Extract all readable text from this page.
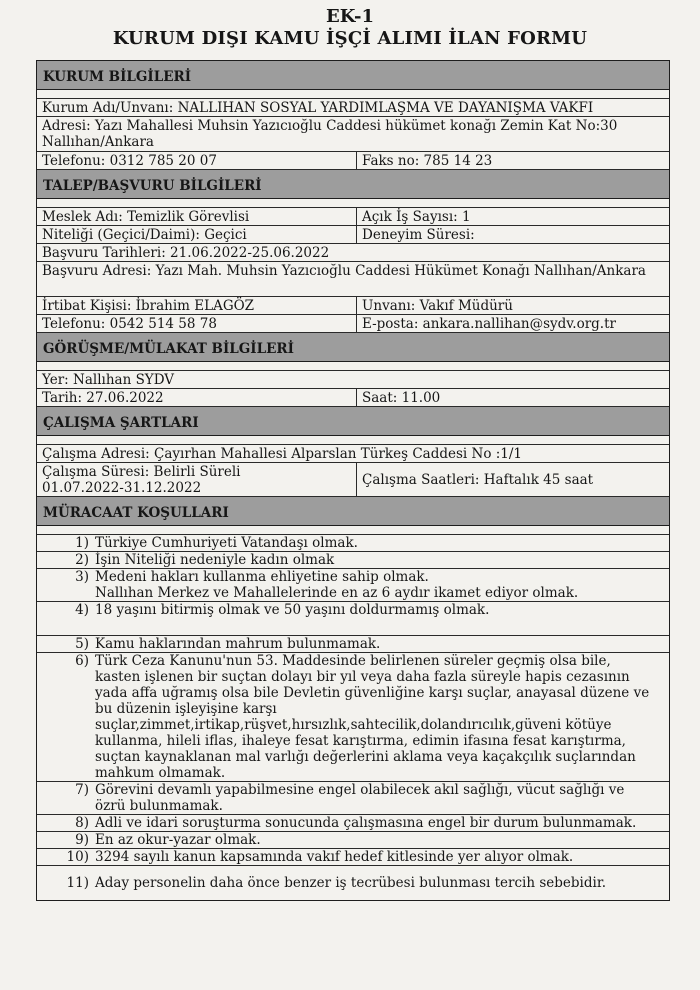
EK-1
KURUM DIŞI KAMU İŞÇİ ALIMI İLAN FORMU
KURUM BİLGİLERİ
Kurum Adı/Unvanı: NALLIHAN SOSYAL YARDIMLAŞMA VE DAYANIŞMA VAKFI
Adresi: Yazı Mahallesi Muhsin Yazıcıoğlu Caddesi hükümet konağı Zemin Kat No:30 Nallıhan/Ankara
Telefonu: 0312 785 20 07	Faks no: 785 14 23
TALEP/BAŞVURU BİLGİLERİ
Meslek Adı: Temizlik Görevlisi	Açık İş Sayısı: 1
Niteliği (Geçici/Daimi): Geçici	Deneyim Süresi:
Başvuru Tarihleri: 21.06.2022-25.06.2022
Başvuru Adresi: Yazı Mah. Muhsin Yazıcıoğlu Caddesi Hükümet Konağı Nallıhan/Ankara
İrtibat Kişisi: İbrahim ELAGÖZ	Unvanı: Vakıf Müdürü
Telefonu: 0542 514 58 78	E-posta: ankara.nallihan@sydv.org.tr
GÖRÜŞME/MÜLAKAT BİLGİLERİ
Yer: Nallıhan SYDV
Tarih: 27.06.2022	Saat: 11.00
ÇALIŞMA ŞARTLARI
Çalışma Adresi: Çayırhan Mahallesi Alparslan Türkeş Caddesi No :1/1
Çalışma Süresi: Belirli Süreli
01.07.2022-31.12.2022	Çalışma Saatleri: Haftalık 45 saat
MÜRACAAT KOŞULLARI
1) Türkiye Cumhuriyeti Vatandaşı olmak.
2) İşin Niteliği nedeniyle kadın olmak
3) Medeni hakları kullanma ehliyetine sahip olmak.
Nallıhan Merkez ve Mahallelerinde en az 6 aydır ikamet ediyor olmak.
4) 18 yaşını bitirmiş olmak ve 50 yaşını doldurmamış olmak.
5) Kamu haklarından mahrum bulunmamak.
6) Türk Ceza Kanunu'nun 53. Maddesinde belirlenen süreler geçmiş olsa bile, kasten işlenen bir suçtan dolayı bir yıl veya daha fazla süreyle hapis cezasının yada affa uğramış olsa bile Devletin güvenliğine karşı suçlar, anayasal düzene ve bu düzenin işleyişine karşı suçlar,zimmet,irtikap,rüşvet,hırsızlık,sahtecilik,dolandırıcılık,güveni kötüye kullanma, hileli iflas, ihaleye fesat karıştırma, edimin ifasına fesat karıştırma, suçtan kaynaklanan mal varlığı değerlerini aklama veya kaçakçılık suçlarından mahkum olmamak.
7) Görevini devamlı yapabilmesine engel olabilecek akıl sağlığı, vücut sağlığı ve özrü bulunmamak.
8) Adli ve idari soruşturma sonucunda çalışmasına engel bir durum bulunmamak.
9) En az okur-yazar olmak.
10) 3294 sayılı kanun kapsamında vakıf hedef kitlesinde yer alıyor olmak.
11) Aday personelin daha önce benzer iş tecrübesi bulunması tercih sebebidir.
